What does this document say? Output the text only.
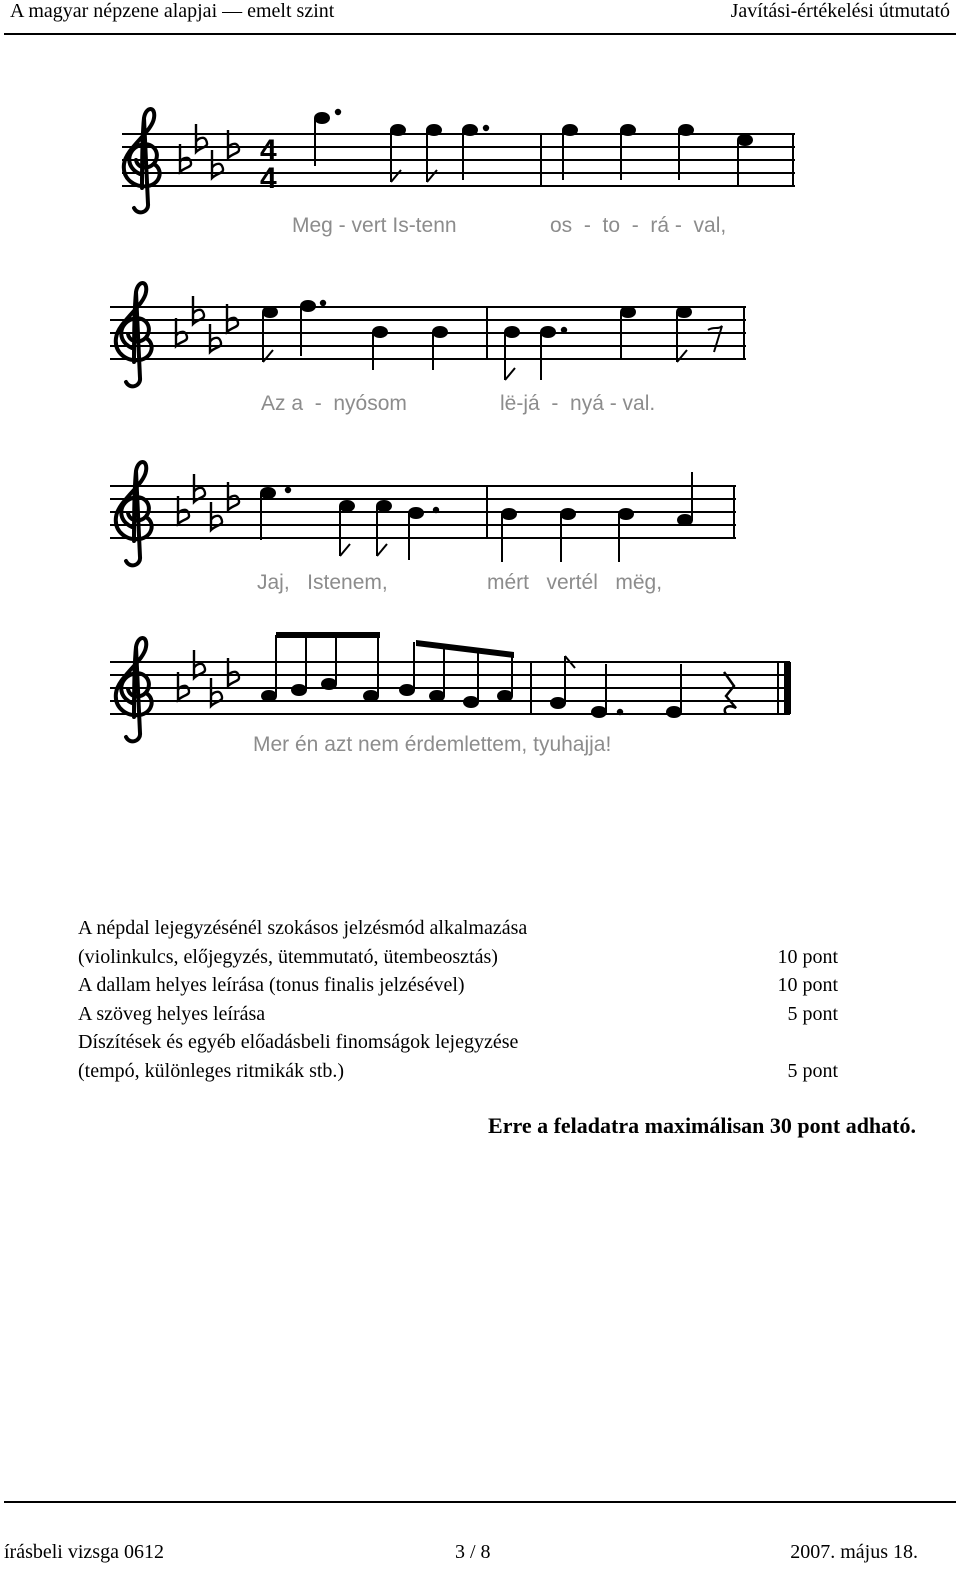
A magyar népzene alapjai — emelt szint	Javítási-értékelési útmutató
4
4
Meg - vert Is-tenn	os  -  to  -  rá -  val,
Az a  -  nyósom	lë-já  -  nyá - val.
Jaj,   Istenem,	mért   vertél   mëg,
Mer én azt nem érdemlettem, tyuhajja!
A népdal lejegyzésénél szokásos jelzésmód alkalmazása
(violinkulcs, előjegyzés, ütemmutató, ütembeosztás)	10 pont
A dallam helyes leírása (tonus finalis jelzésével)	10 pont
A szöveg helyes leírása	5 pont
Díszítések és egyéb előadásbeli finomságok lejegyzése
(tempó, különleges ritmikák stb.)	5 pont
Erre a feladatra maximálisan 30 pont adható.
írásbeli vizsga 0612	3 / 8	2007. május 18.
